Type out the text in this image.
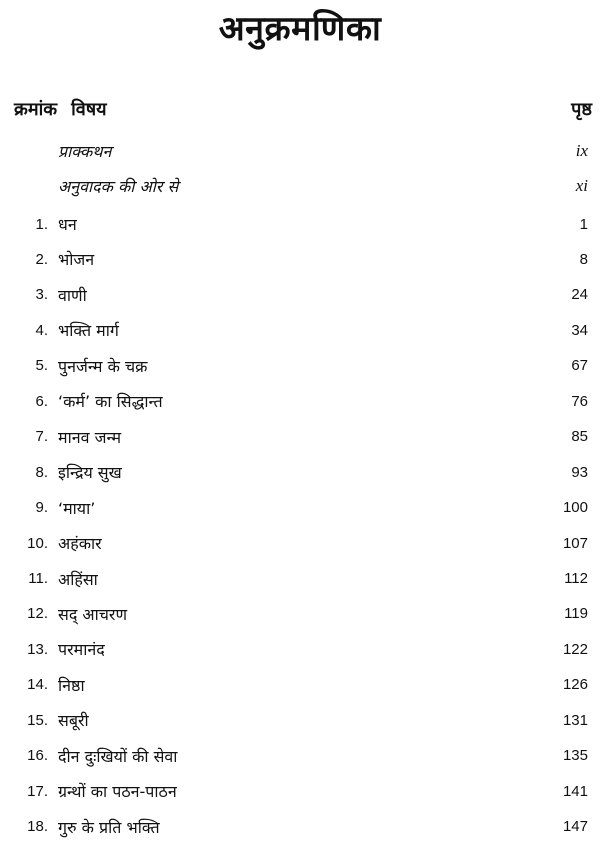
अनुक्रमणिका
क्रमांक विषय	पृष्ठ
प्राक्कथन	ix
अनुवादक की ओर से	xi
1. धन	1
2. भोजन	8
3. वाणी	24
4. भक्ति मार्ग	34
5. पुनर्जन्म के चक्र	67
6. ‘कर्म’ का सिद्धान्त	76
7. मानव जन्म	85
8. इन्द्रिय सुख	93
9. ‘माया’	100
10. अहंकार	107
11. अहिंसा	112
12. सद् आचरण	119
13. परमानंद	122
14. निष्ठा	126
15. सबूरी	131
16. दीन दुःखियों की सेवा	135
17. ग्रन्थों का पठन-पाठन	141
18. गुरु के प्रति भक्ति	147
